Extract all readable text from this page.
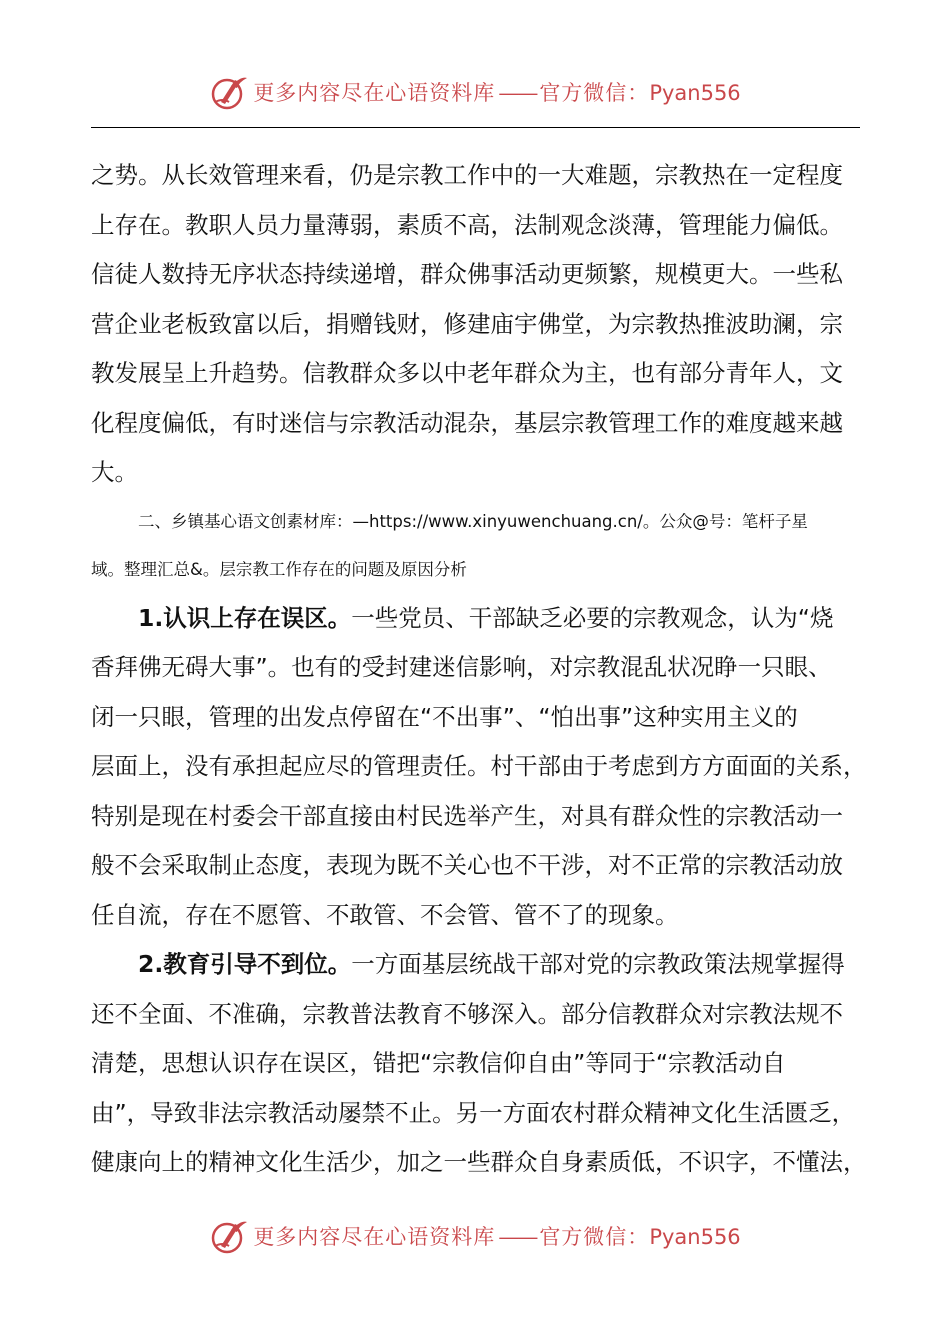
更多内容尽在心语资料库 —— 官方微信：Pyan556
之势。从长效管理来看，仍是宗教工作中的一大难题，宗教热在一定程度
上存在。教职人员力量薄弱，素质不高，法制观念淡薄，管理能力偏低。
信徒人数持无序状态持续递增，群众佛事活动更频繁，规模更大。一些私
营企业老板致富以后，捐赠钱财，修建庙宇佛堂，为宗教热推波助澜，宗
教发展呈上升趋势。信教群众多以中老年群众为主，也有部分青年人，文
化程度偏低，有时迷信与宗教活动混杂，基层宗教管理工作的难度越来越
大。
二、乡镇基心语文创素材库：—https://www.xinyuwenchuang.cn/。公众@号：笔杆子星
域。整理汇总&。层宗教工作存在的问题及原因分析
1.认识上存在误区。一些党员、干部缺乏必要的宗教观念，认为“烧
香拜佛无碍大事”。也有的受封建迷信影响，对宗教混乱状况睁一只眼、
闭一只眼，管理的出发点停留在“不出事”、“怕出事”这种实用主义的
层面上，没有承担起应尽的管理责任。村干部由于考虑到方方面面的关系，
特别是现在村委会干部直接由村民选举产生，对具有群众性的宗教活动一
般不会采取制止态度，表现为既不关心也不干涉，对不正常的宗教活动放
任自流，存在不愿管、不敢管、不会管、管不了的现象。
2.教育引导不到位。一方面基层统战干部对党的宗教政策法规掌握得
还不全面、不准确，宗教普法教育不够深入。部分信教群众对宗教法规不
清楚，思想认识存在误区，错把“宗教信仰自由”等同于“宗教活动自
由”，导致非法宗教活动屡禁不止。另一方面农村群众精神文化生活匮乏，
健康向上的精神文化生活少，加之一些群众自身素质低，不识字，不懂法，
更多内容尽在心语资料库 —— 官方微信：Pyan556
